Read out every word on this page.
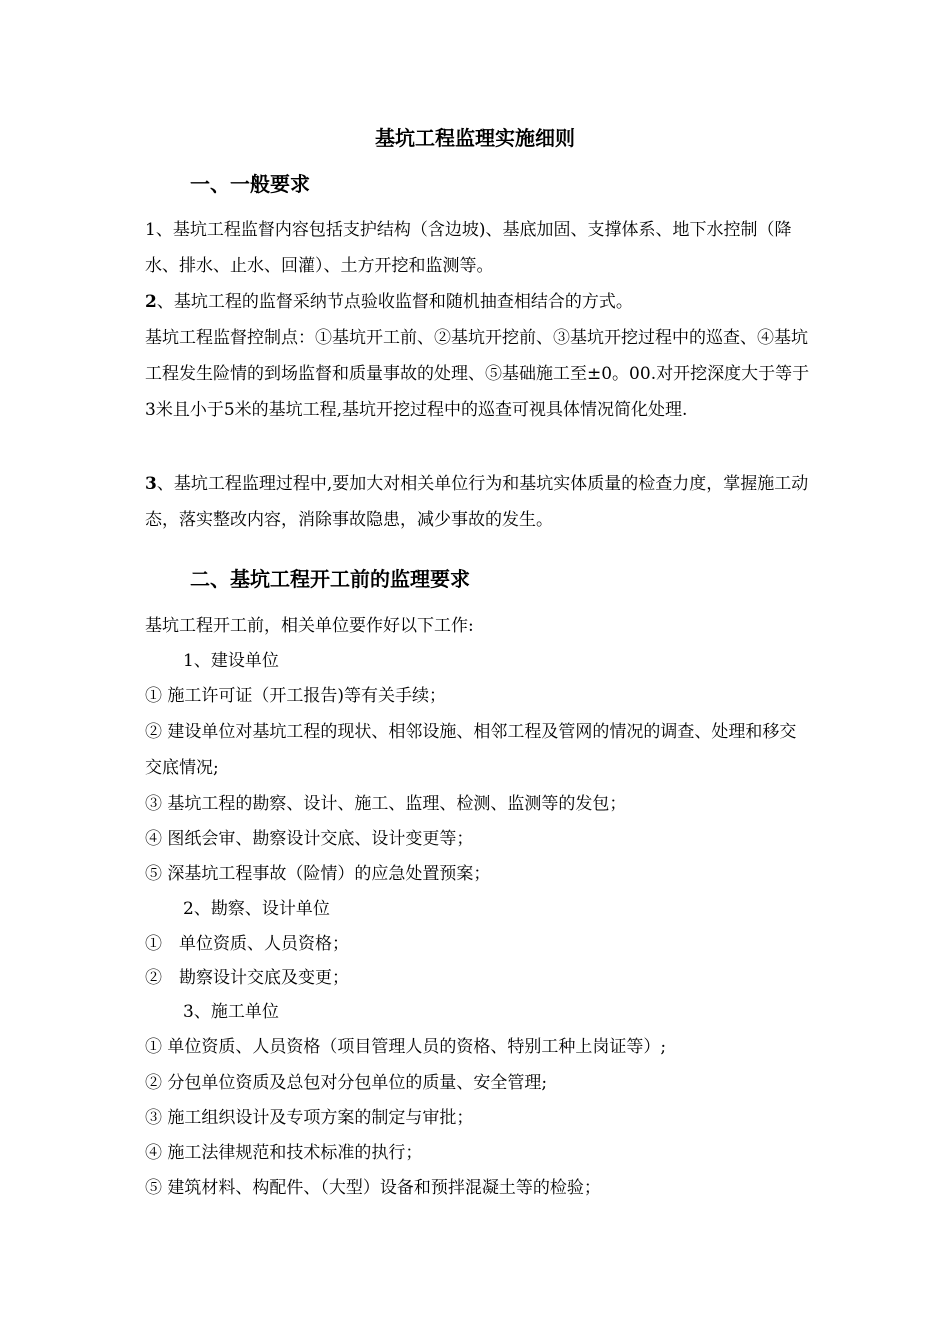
基坑工程监理实施细则
一、一般要求

1、基坑工程监督内容包括支护结构（含边坡)、基底加固、支撑体系、地下水控制（降水、排水、止水、回灌）、土方开挖和监测等。

2、基坑工程的监督采纳节点验收监督和随机抽查相结合的方式。

基坑工程监督控制点：①基坑开工前、②基坑开挖前、③基坑开挖过程中的巡查、④基坑工程发生险情的到场监督和质量事故的处理、⑤基础施工至±0。00.对开挖深度大于等于3米且小于5米的基坑工程,基坑开挖过程中的巡查可视具体情况简化处理.

3、基坑工程监理过程中,要加大对相关单位行为和基坑实体质量的检查力度，掌握施工动态，落实整改内容，消除事故隐患，减少事故的发生。

二、基坑工程开工前的监理要求
基坑工程开工前，相关单位要作好以下工作:
1、建设单位
① 施工许可证（开工报告)等有关手续；

② 建设单位对基坑工程的现状、相邻设施、相邻工程及管网的情况的调查、处理和移交交底情况;

③ 基坑工程的勘察、设计、施工、监理、检测、监测等的发包；
④ 图纸会审、勘察设计交底、设计变更等；
⑤ 深基坑工程事故（险情）的应急处置预案；
2、勘察、设计单位
①　单位资质、人员资格；
②　勘察设计交底及变更；
3、施工单位
① 单位资质、人员资格（项目管理人员的资格、特别工种上岗证等）;
② 分包单位资质及总包对分包单位的质量、安全管理;
③ 施工组织设计及专项方案的制定与审批；
④ 施工法律规范和技术标准的执行；
⑤ 建筑材料、构配件、（大型）设备和预拌混凝土等的检验；
